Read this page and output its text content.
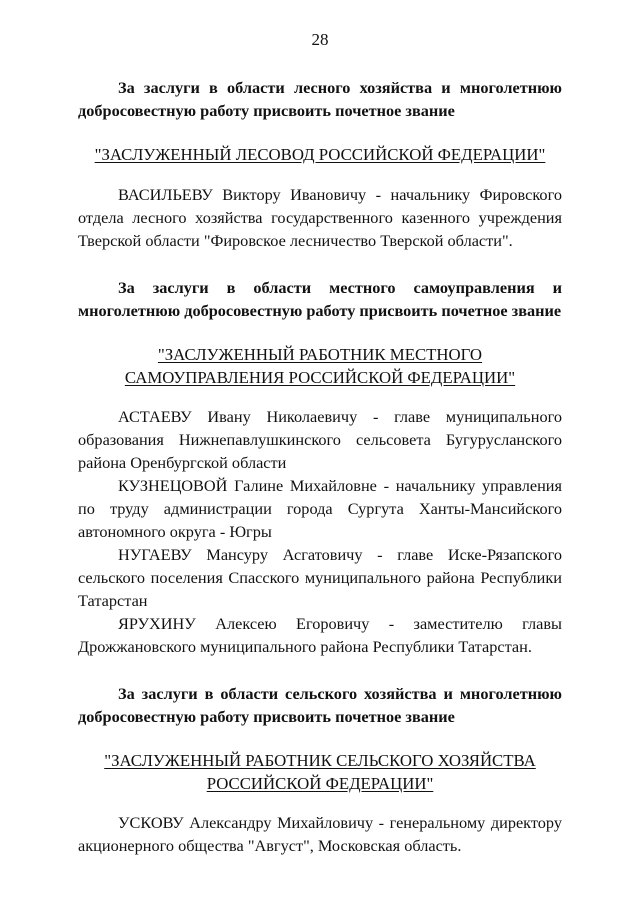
28

За заслуги в области лесного хозяйства и многолетнюю добросовестную работу присвоить почетное звание

"ЗАСЛУЖЕННЫЙ ЛЕСОВОД РОССИЙСКОЙ ФЕДЕРАЦИИ"

ВАСИЛЬЕВУ Виктору Ивановичу - начальнику Фировского отдела лесного хозяйства государственного казенного учреждения Тверской области "Фировское лесничество Тверской области".

За заслуги в области местного самоуправления и многолетнюю добросовестную работу присвоить почетное звание

"ЗАСЛУЖЕННЫЙ РАБОТНИК МЕСТНОГО САМОУПРАВЛЕНИЯ РОССИЙСКОЙ ФЕДЕРАЦИИ"

АСТАЕВУ Ивану Николаевичу - главе муниципального образования Нижнепавлушкинского сельсовета Бугурусланского района Оренбургской области

КУЗНЕЦОВОЙ Галине Михайловне - начальнику управления по труду администрации города Сургута Ханты-Мансийского автономного округа - Югры

НУГАЕВУ Мансуру Асгатовичу - главе Иске-Рязапского сельского поселения Спасского муниципального района Республики Татарстан

ЯРУХИНУ Алексею Егоровичу - заместителю главы Дрожжановского муниципального района Республики Татарстан.

За заслуги в области сельского хозяйства и многолетнюю добросовестную работу присвоить почетное звание

"ЗАСЛУЖЕННЫЙ РАБОТНИК СЕЛЬСКОГО ХОЗЯЙСТВА РОССИЙСКОЙ ФЕДЕРАЦИИ"

УСКОВУ Александру Михайловичу - генеральному директору акционерного общества "Август", Московская область.
